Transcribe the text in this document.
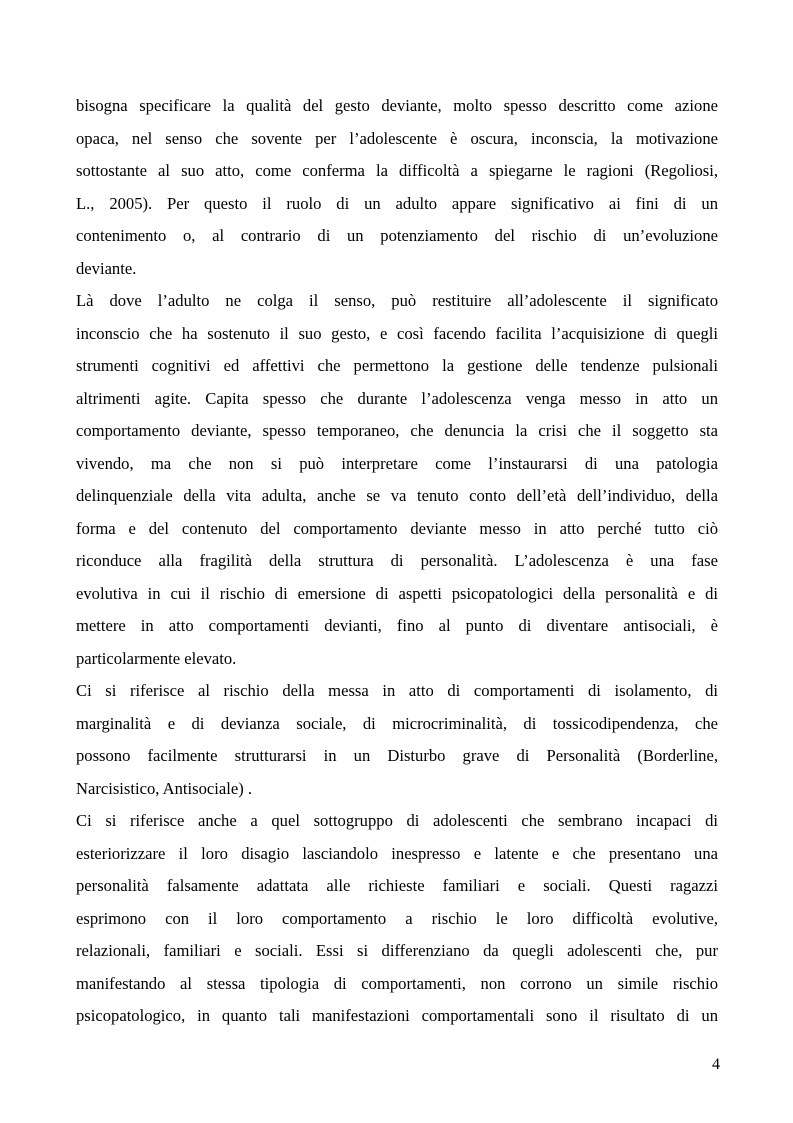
bisogna specificare la qualità del gesto deviante, molto spesso descritto come azione
opaca, nel senso che sovente per l’adolescente è oscura, inconscia, la motivazione
sottostante al suo atto, come conferma la difficoltà a spiegarne le ragioni (Regoliosi,
L., 2005). Per questo il ruolo di un adulto appare significativo ai fini di un
contenimento o, al contrario di un potenziamento del rischio di un’evoluzione
deviante.
Là dove l’adulto ne colga il senso, può restituire all’adolescente il significato
inconscio che ha sostenuto il suo gesto, e così facendo facilita l’acquisizione di quegli
strumenti cognitivi ed affettivi che permettono la gestione delle tendenze pulsionali
altrimenti agite. Capita spesso che durante l’adolescenza venga messo in atto un
comportamento deviante, spesso temporaneo, che denuncia la crisi che il soggetto sta
vivendo, ma che non si può interpretare come l’instaurarsi di una patologia
delinquenziale della vita adulta, anche se va tenuto conto dell’età dell’individuo, della
forma e del contenuto del comportamento deviante messo in atto perché tutto ciò
riconduce alla fragilità della struttura di personalità. L’adolescenza è una fase
evolutiva in cui il rischio di emersione di aspetti psicopatologici della personalità e di
mettere in atto comportamenti devianti, fino al punto di diventare antisociali, è
particolarmente elevato.
Ci si riferisce al rischio della messa in atto di comportamenti di isolamento, di
marginalità e di devianza sociale, di microcriminalità, di tossicodipendenza, che
possono facilmente strutturarsi in un Disturbo grave di Personalità (Borderline,
Narcisistico, Antisociale) .
Ci si riferisce anche a quel sottogruppo di adolescenti che sembrano incapaci di
esteriorizzare il loro disagio lasciandolo inespresso e latente e che presentano una
personalità falsamente adattata alle richieste familiari e sociali. Questi ragazzi
esprimono con il loro comportamento a rischio le loro difficoltà evolutive,
relazionali, familiari e sociali. Essi si differenziano da quegli adolescenti che, pur
manifestando al stessa tipologia di comportamenti, non corrono un simile rischio
psicopatologico, in quanto tali manifestazioni comportamentali sono il risultato di un
4
